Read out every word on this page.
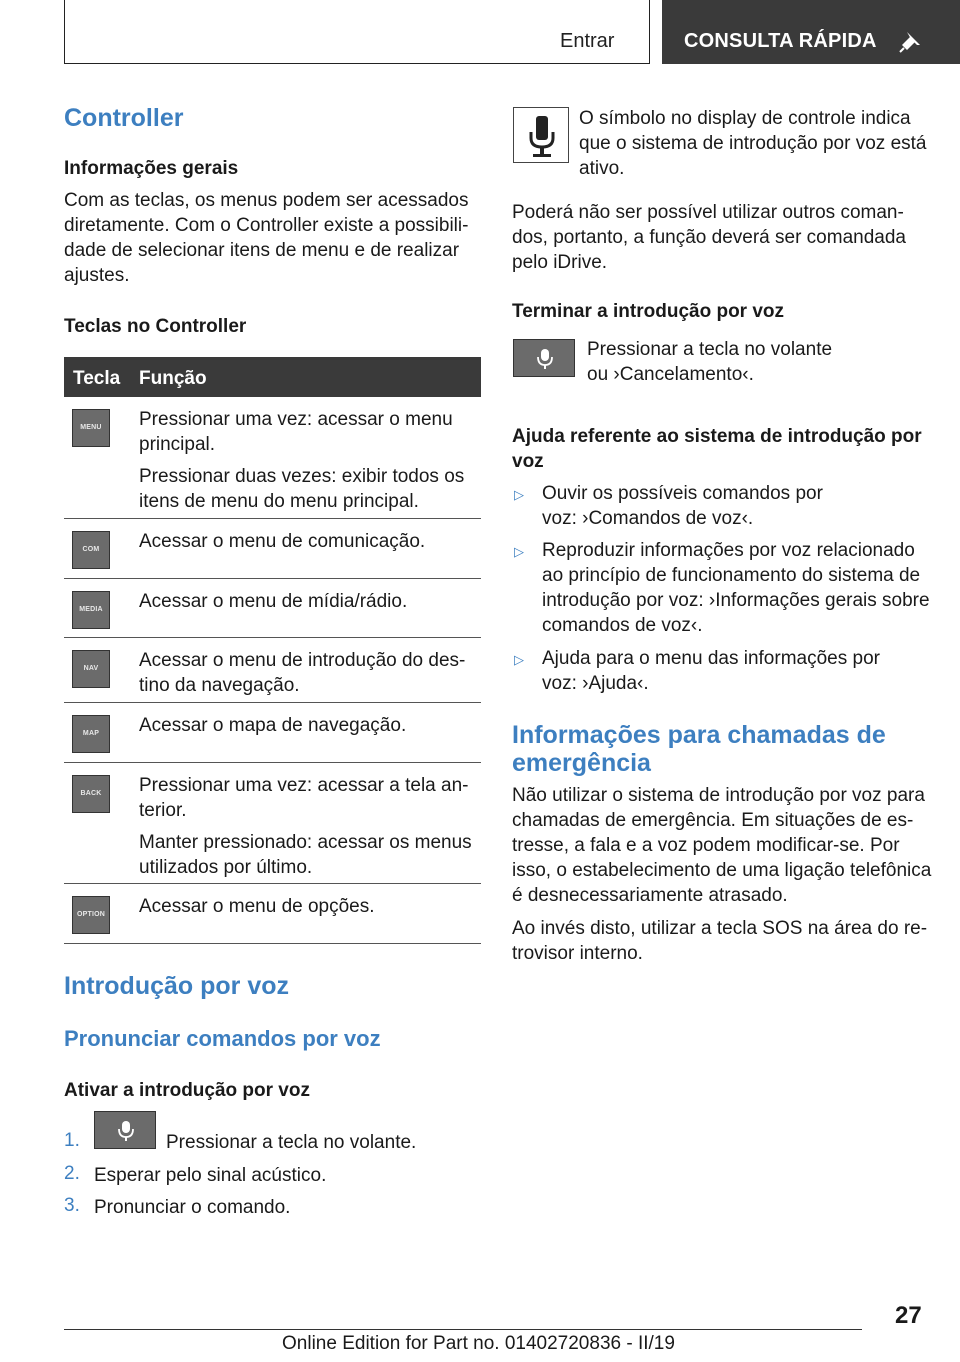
Entrar	CONSULTA RÁPIDA
Controller
Informações gerais
Com as teclas, os menus podem ser acessados diretamente. Com o Controller existe a possibilidade de selecionar itens de menu e de realizar ajustes.
Teclas no Controller
Tecla Função
MENU	Pressionar uma vez: acessar o menu principal.

Pressionar duas vezes: exibir todos os itens de menu do menu principal.

COM	Acessar o menu de comunicação.

MEDIA	Acessar o menu de mídia/rádio.

NAV	Acessar o menu de introdução do destino da navegação.

MAP	Acessar o mapa de navegação.

BACK	Pressionar uma vez: acessar a tela anterior.

Manter pressionado: acessar os menus utilizados por último.

OPTION Acessar o menu de opções.

Introdução por voz
Pronunciar comandos por voz
Ativar a introdução por voz
1.	Pressionar a tecla no volante.
2. Esperar pelo sinal acústico.
3. Pronunciar o comando.
O símbolo no display de controle indica que o sistema de introdução por voz está ativo.
Poderá não ser possível utilizar outros comandos, portanto, a função deverá ser comandada pelo iDrive.
Terminar a introdução por voz
Pressionar a tecla no volante ou ›Cancelamento‹.
Ajuda referente ao sistema de introdução por voz
▷ Ouvir os possíveis comandos por voz: ›Comandos de voz‹.
▷ Reproduzir informações por voz relacionado ao princípio de funcionamento do sistema de introdução por voz: ›Informações gerais sobre comandos de voz‹.
▷ Ajuda para o menu das informações por voz: ›Ajuda‹.
Informações para chamadas de emergência
Não utilizar o sistema de introdução por voz para chamadas de emergência. Em situações de estresse, a fala e a voz podem modificar-se. Por isso, o estabelecimento de uma ligação telefônica é desnecessariamente atrasado.
Ao invés disto, utilizar a tecla SOS na área do retrovisor interno.
27
Online Edition for Part no. 01402720836 - II/19
